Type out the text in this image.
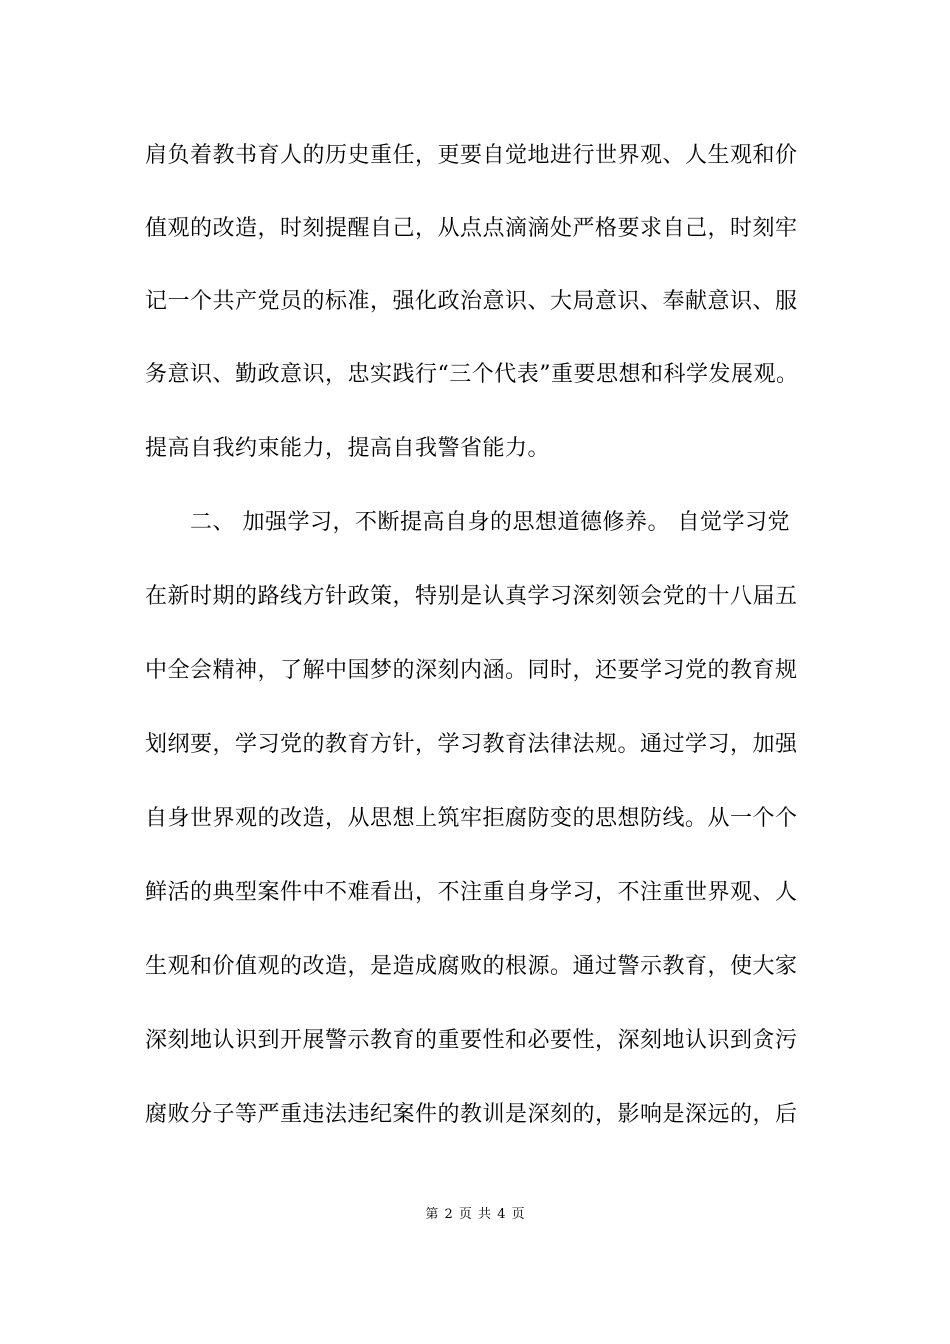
肩负着教书育人的历史重任，更要自觉地进行世界观、人生观和价
值观的改造，时刻提醒自己，从点点滴滴处严格要求自己，时刻牢
记一个共产党员的标准，强化政治意识、大局意识、奉献意识、服
务意识、勤政意识，忠实践行“三个代表”重要思想和科学发展观。
提高自我约束能力，提高自我警省能力。
二、 加强学习，不断提高自身的思想道德修养。 自觉学习党
在新时期的路线方针政策，特别是认真学习深刻领会党的十八届五
中全会精神，了解中国梦的深刻内涵。同时，还要学习党的教育规
划纲要，学习党的教育方针，学习教育法律法规。通过学习，加强
自身世界观的改造，从思想上筑牢拒腐防变的思想防线。从一个个
鲜活的典型案件中不难看出，不注重自身学习，不注重世界观、人
生观和价值观的改造，是造成腐败的根源。通过警示教育，使大家
深刻地认识到开展警示教育的重要性和必要性，深刻地认识到贪污
腐败分子等严重违法违纪案件的教训是深刻的，影响是深远的，后
第 2 页 共 4 页
